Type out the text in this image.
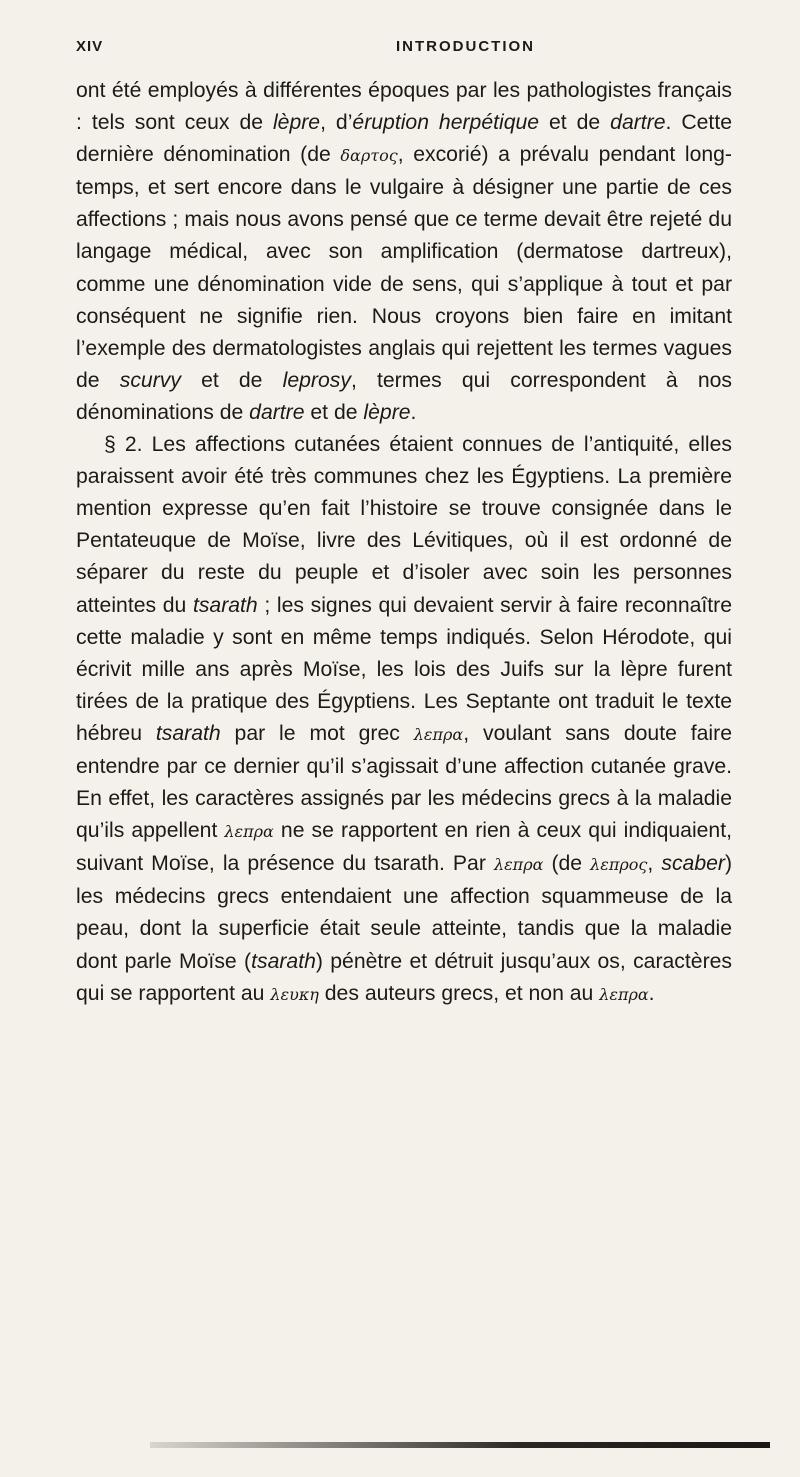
XIV	INTRODUCTION

ont été employés à différentes époques par les pathologistes français : tels sont ceux de lèpre, d’éruption herpétique et de dartre. Cette dernière dénomination (de δαρτος, excorié) a prévalu pendant long-temps, et sert encore dans le vulgaire à désigner une partie de ces affections ; mais nous avons pensé que ce terme devait être rejeté du langage médical, avec son amplification (dermatose dartreux), comme une dénomination vide de sens, qui s’applique à tout et par conséquent ne signifie rien. Nous croyons bien faire en imitant l’exemple des dermatologistes anglais qui rejettent les termes vagues de scurvy et de leprosy, termes qui correspondent à nos dénominations de dartre et de lèpre.

§ 2. Les affections cutanées étaient connues de l’antiquité, elles paraissent avoir été très communes chez les Égyptiens. La première mention expresse qu’en fait l’histoire se trouve consignée dans le Pentateuque de Moïse, livre des Lévitiques, où il est ordonné de séparer du reste du peuple et d’isoler avec soin les personnes atteintes du tsarath ; les signes qui devaient servir à faire reconnaître cette maladie y sont en même temps indiqués. Selon Hérodote, qui écrivit mille ans après Moïse, les lois des Juifs sur la lèpre furent tirées de la pratique des Égyptiens. Les Septante ont traduit le texte hébreu tsarath par le mot grec λεπρα, voulant sans doute faire entendre par ce dernier qu’il s’agissait d’une affection cutanée grave. En effet, les caractères assignés par les médecins grecs à la maladie qu’ils appellent λεπρα ne se rapportent en rien à ceux qui indiquaient, suivant Moïse, la présence du tsarath. Par λεπρα (de λεπρος, scaber) les médecins grecs entendaient une affection squammeuse de la peau, dont la superficie était seule atteinte, tandis que la maladie dont parle Moïse (tsarath) pénètre et détruit jusqu’aux os, caractères qui se rapportent au λευκη des auteurs grecs, et non au λεπρα.
